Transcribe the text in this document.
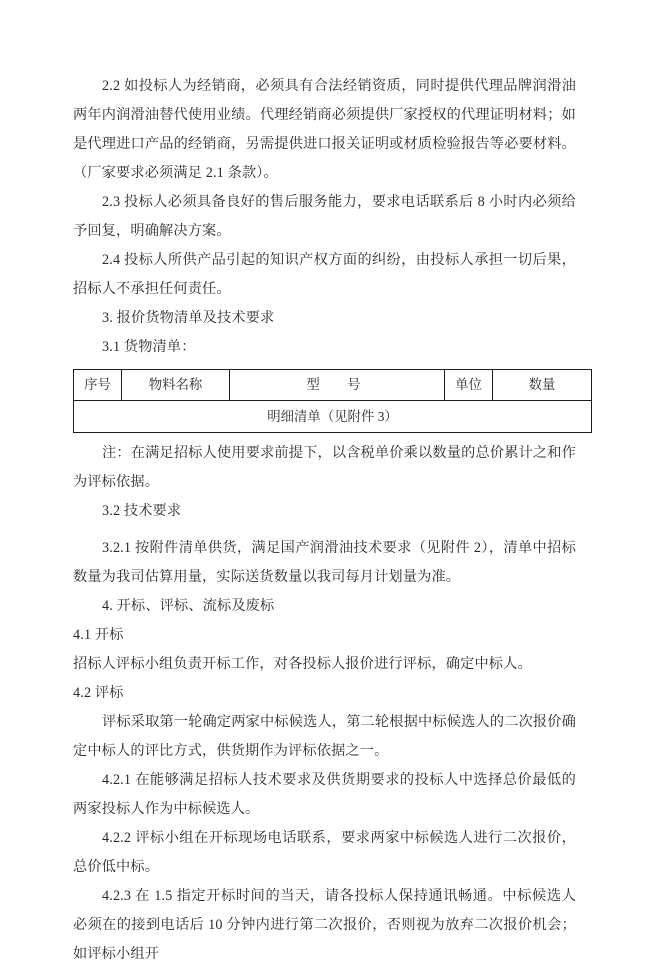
2.2 如投标人为经销商，必须具有合法经销资质，同时提供代理品牌润滑油两年内润滑油替代使用业绩。代理经销商必须提供厂家授权的代理证明材料；如是代理进口产品的经销商，另需提供进口报关证明或材质检验报告等必要材料。（厂家要求必须满足 2.1 条款）。

2.3 投标人必须具备良好的售后服务能力，要求电话联系后 8 小时内必须给予回复，明确解决方案。

2.4 投标人所供产品引起的知识产权方面的纠纷，由投标人承担一切后果，招标人不承担任何责任。

3. 报价货物清单及技术要求

3.1 货物清单：

序号	物料名称	型　号	单位	数量
明细清单（见附件 3）

注：在满足招标人使用要求前提下，以含税单价乘以数量的总价累计之和作为评标依据。

3.2 技术要求

3.2.1 按附件清单供货，满足国产润滑油技术要求（见附件 2），清单中招标数量为我司估算用量，实际送货数量以我司每月计划量为准。

4. 开标、评标、流标及废标

4.1 开标

招标人评标小组负责开标工作，对各投标人报价进行评标，确定中标人。

4.2 评标

评标采取第一轮确定两家中标候选人，第二轮根据中标候选人的二次报价确定中标人的评比方式，供货期作为评标依据之一。

4.2.1 在能够满足招标人技术要求及供货期要求的投标人中选择总价最低的两家投标人作为中标候选人。

4.2.2 评标小组在开标现场电话联系，要求两家中标候选人进行二次报价，总价低中标。

4.2.3 在 1.5 指定开标时间的当天，请各投标人保持通讯畅通。中标候选人必须在的接到电话后 10 分钟内进行第二次报价，否则视为放弃二次报价机会；如评标小组开
